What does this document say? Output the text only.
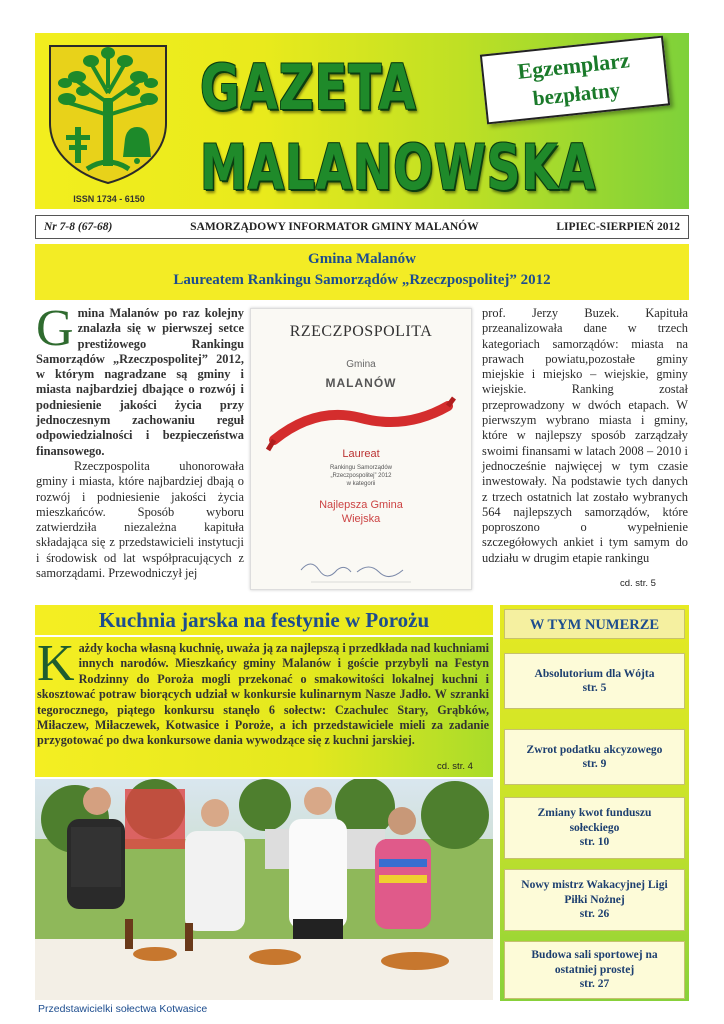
ISSN 1734 - 6150
GAZETA
MALANOWSKA
Egzemplarz
bezpłatny
Nr 7-8 (67-68)	SAMORZĄDOWY INFORMATOR GMINY MALANÓW	LIPIEC-SIERPIEŃ 2012
Gmina Malanów
Laureatem Rankingu Samorządów „Rzeczpospolitej” 2012
Gmina Malanów po raz kolejny znalazła się w pierwszej setce prestiżowego Rankingu Samorządów „Rzeczpospolitej” 2012, w którym nagradzane są gminy i miasta najbardziej dbające o rozwój i podniesienie jakości życia przy jednoczesnym zachowaniu reguł odpowiedzialności i bezpieczeństwa finansowego.
Rzeczpospolita uhonorowała gminy i miasta, które najbardziej dbają o rozwój i podniesienie jakości życia mieszkańców. Sposób wyboru zatwierdziła niezależna kapituła składająca się z przedstawicieli instytucji i środowisk od lat współpracujących z samorządami. Przewodniczył jej
RZECZPOSPOLITA
Gmina
MALANÓW
Laureat
Rankingu Samorządów
„Rzeczpospolitej” 2012
w kategorii
Najlepsza Gmina
Wiejska
prof. Jerzy Buzek. Kapituła przeanalizowała dane w trzech kategoriach samorządów: miasta na prawach powiatu,pozostałe gminy miejskie i miejsko – wiejskie, gminy wiejskie. Ranking został przeprowadzony w dwóch etapach. W pierwszym wybrano miasta i gminy, które w najlepszy sposób zarządzały swoimi finansami w latach 2008 – 2010 i jednocześnie najwięcej w tym czasie inwestowały. Na podstawie tych danych z trzech ostatnich lat zostało wybranych 564 najlepszych samorządów, które poproszono o wypełnienie szczegółowych ankiet i tym samym do udziału w drugim etapie rankingu
cd. str. 5
Kuchnia jarska na festynie w Porożu
Każdy kocha własną kuchnię, uważa ją za najlepszą i przedkłada nad kuchniami innych narodów. Mieszkańcy gminy Malanów i goście przybyli na Festyn Rodzinny do Poroża mogli przekonać o smakowitości lokalnej kuchni i skosztować potraw biorących udział w konkursie kulinarnym Nasze Jadło. W szranki tegorocznego, piątego konkursu stanęło 6 sołectw: Czachulec Stary, Grąbków, Miłaczew, Miłaczewek, Kotwasice i Poroże, a ich przedstawiciele mieli za zadanie przygotować po dwa konkursowe dania wywodzące się z kuchni jarskiej.
cd. str. 4
Przedstawicielki sołectwa Kotwasice
W TYM NUMERZE
Absolutorium dla Wójta
str. 5
Zwrot podatku akcyzowego
str. 9
Zmiany kwot funduszu sołeckiego
str. 10
Nowy mistrz Wakacyjnej Ligi Piłki Nożnej
str. 26
Budowa sali sportowej na ostatniej prostej
str. 27
